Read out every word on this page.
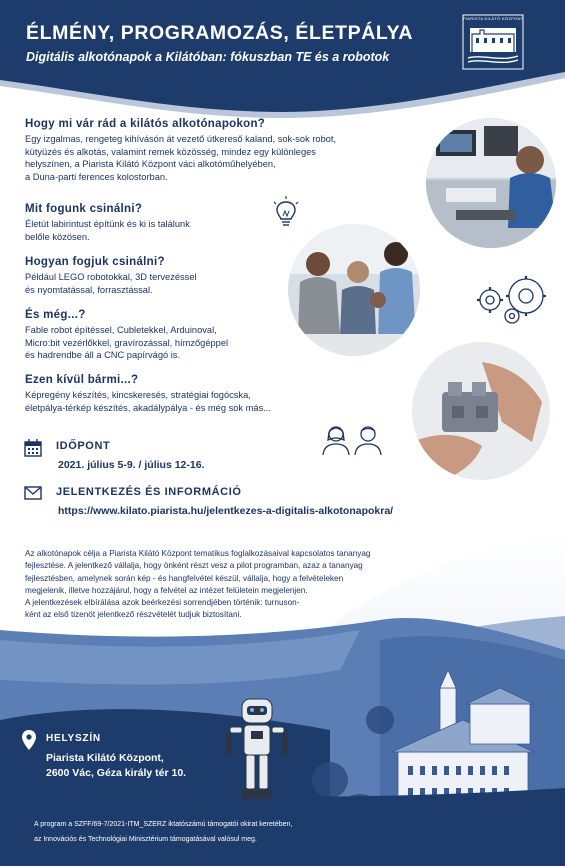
ÉLMÉNY, PROGRAMOZÁS, ÉLETPÁLYA
Digitális alkotónapok a Kilátóban: fókuszban TE és a robotok
PIARISTA KILÁTÓ KÖZPONT
Hogy mi vár rád a kilátós alkotónapokon?
Egy izgalmas, rengeteg kihívásón át vezető útkereső kaland, sok-sok robot,
kütyüzés és alkotás, valamint remek közösség, mindez egy különleges
helyszínen, a Piarista Kilátó Központ váci alkotóműhelyében,
a Duna-parti ferences kolostorban.
Mit fogunk csinálni?
Életút labirintust építünk és ki is találunk
belőle közösen.
Hogyan fogjuk csinálni?
Például LEGO robotokkal, 3D tervezéssel
és nyomtatással, forrasztással.
És még...?
Fable robot építéssel, Cubletekkel, Arduinoval,
Micro:bit vezérlőkkel, gravírozással, hímzőgéppel
és hadrendbe áll a CNC papírvágó is.
Ezen kívül bármi...?
Képregény készítés, kincskeresés, stratégiai fogócska,
életpálya-térkép készítés, akadálypálya - és még sok más...
IDŐPONT
2021. július 5-9. / július 12-16.
JELENTKEZÉS ÉS INFORMÁCIÓ
https://www.kilato.piarista.hu/jelentkezes-a-digitalis-alkotonapokra/
Az alkotónapok célja a Piarista Kilátó Központ tematikus foglalkozásaival kapcsolatos tananyag
fejlesztése. A jelentkező vállalja, hogy önként részt vesz a pilot programban, azaz a tananyag
fejlesztésben, amelynek során kép - és hangfelvétel készül, vállalja, hogy a felvételeken
megjelenik, illetve hozzájárul, hogy a felvétel az intézet felületein megjelenjen.
A jelentkezések elbírálása azok beérkezési sorrendjében történik: turnuson-
ként az első tizenöt jelentkező részvételét tudjuk biztosítani.
HELYSZÍN
Piarista Kilátó Központ,
2600 Vác, Géza király tér 10.
A program a SZFF/69-7/2021-ITM_SZERZ iktatószámú támogatói okirat keretében,
az Innovációs és Technológiai Minisztérium támogatásával valósul meg.
